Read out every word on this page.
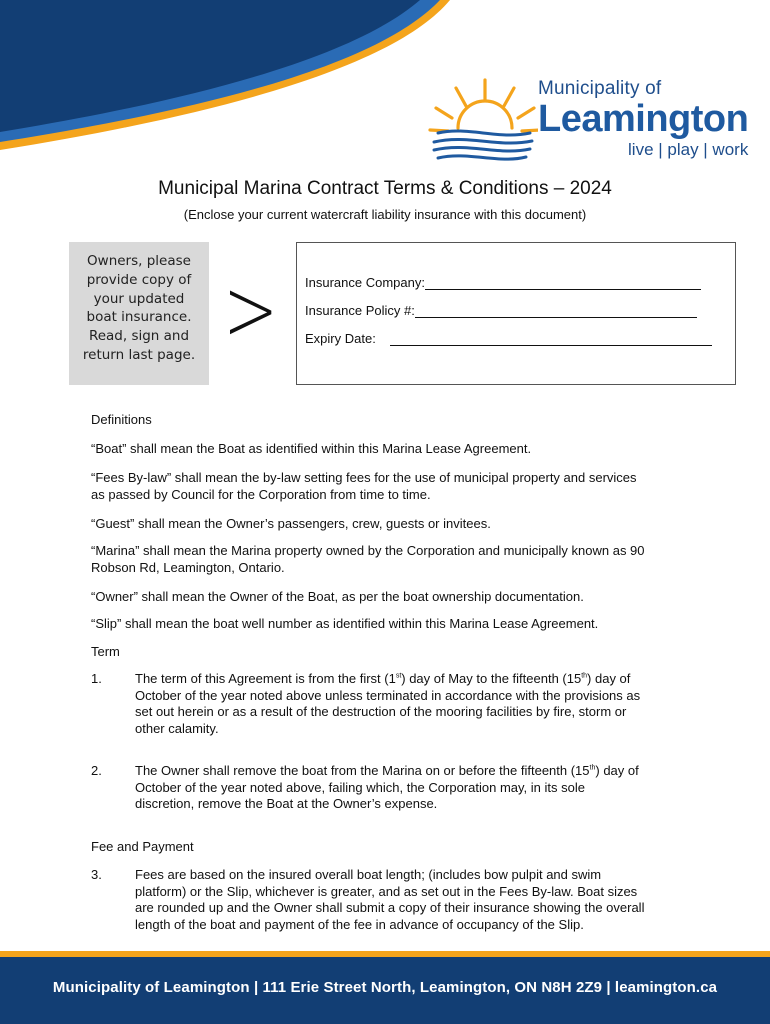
Municipality of
Leamington
live | play | work
Municipal Marina Contract Terms & Conditions – 2024
(Enclose your current watercraft liability insurance with this document)
Owners, please
provide copy of
your updated
boat insurance.
Read, sign and
return last page. > Insurance Company:
Insurance Policy #:
Expiry Date:

Definitions

“Boat” shall mean the Boat as identified within this Marina Lease Agreement.

“Fees By-law” shall mean the by-law setting fees for the use of municipal property and services
as passed by Council for the Corporation from time to time.

“Guest” shall mean the Owner’s passengers, crew, guests or invitees.

“Marina” shall mean the Marina property owned by the Corporation and municipally known as 90
Robson Rd, Leamington, Ontario.

“Owner” shall mean the Owner of the Boat, as per the boat ownership documentation.

“Slip” shall mean the boat well number as identified within this Marina Lease Agreement.

Term

1.	The term of this Agreement is from the first (1st) day of May to the fifteenth (15th) day of
October of the year noted above unless terminated in accordance with the provisions as
set out herein or as a result of the destruction of the mooring facilities by fire, storm or
other calamity.
2.	The Owner shall remove the boat from the Marina on or before the fifteenth (15th) day of
October of the year noted above, failing which, the Corporation may, in its sole
discretion, remove the Boat at the Owner’s expense.

Fee and Payment

3.	Fees are based on the insured overall boat length; (includes bow pulpit and swim
platform) or the Slip, whichever is greater, and as set out in the Fees By-law. Boat sizes
are rounded up and the Owner shall submit a copy of their insurance showing the overall
length of the boat and payment of the fee in advance of occupancy of the Slip.
Municipality of Leamington | 111 Erie Street North, Leamington, ON N8H 2Z9 | leamington.ca
